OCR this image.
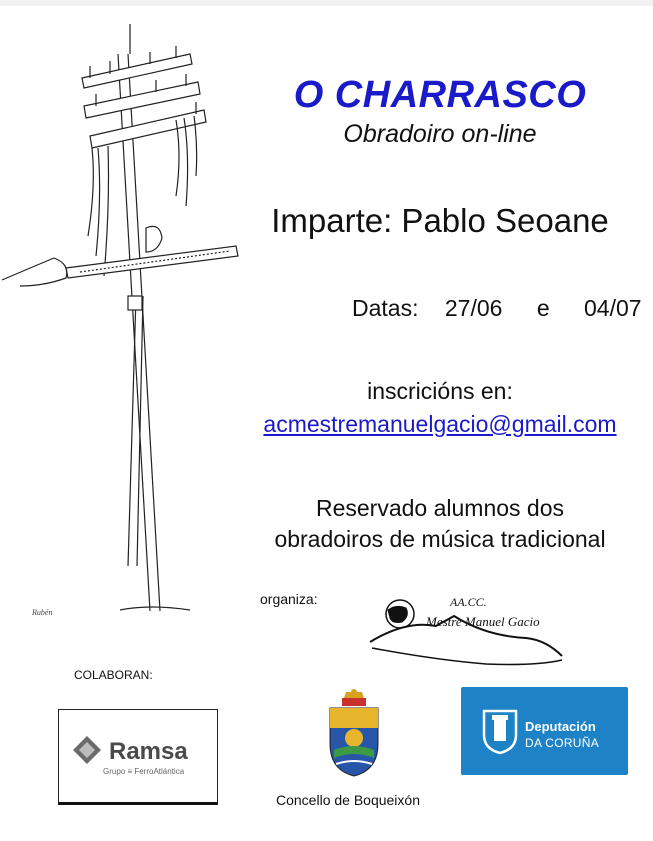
Rubén
O CHARRASCO
Obradoiro on-line
Imparte: Pablo Seoane
Datas: 27/06 e 04/07
inscricións en:
acmestremanuelgacio@gmail.com
Reservado alumnos dos
obradoiros de música tradicional
organiza:	AA.CC.
Mestre Manuel Gacio
COLABORAN:
Ramsa
Grupo ≡ FerroAtlántica
Concello de Boqueixón
Deputación
DA CORUÑA
